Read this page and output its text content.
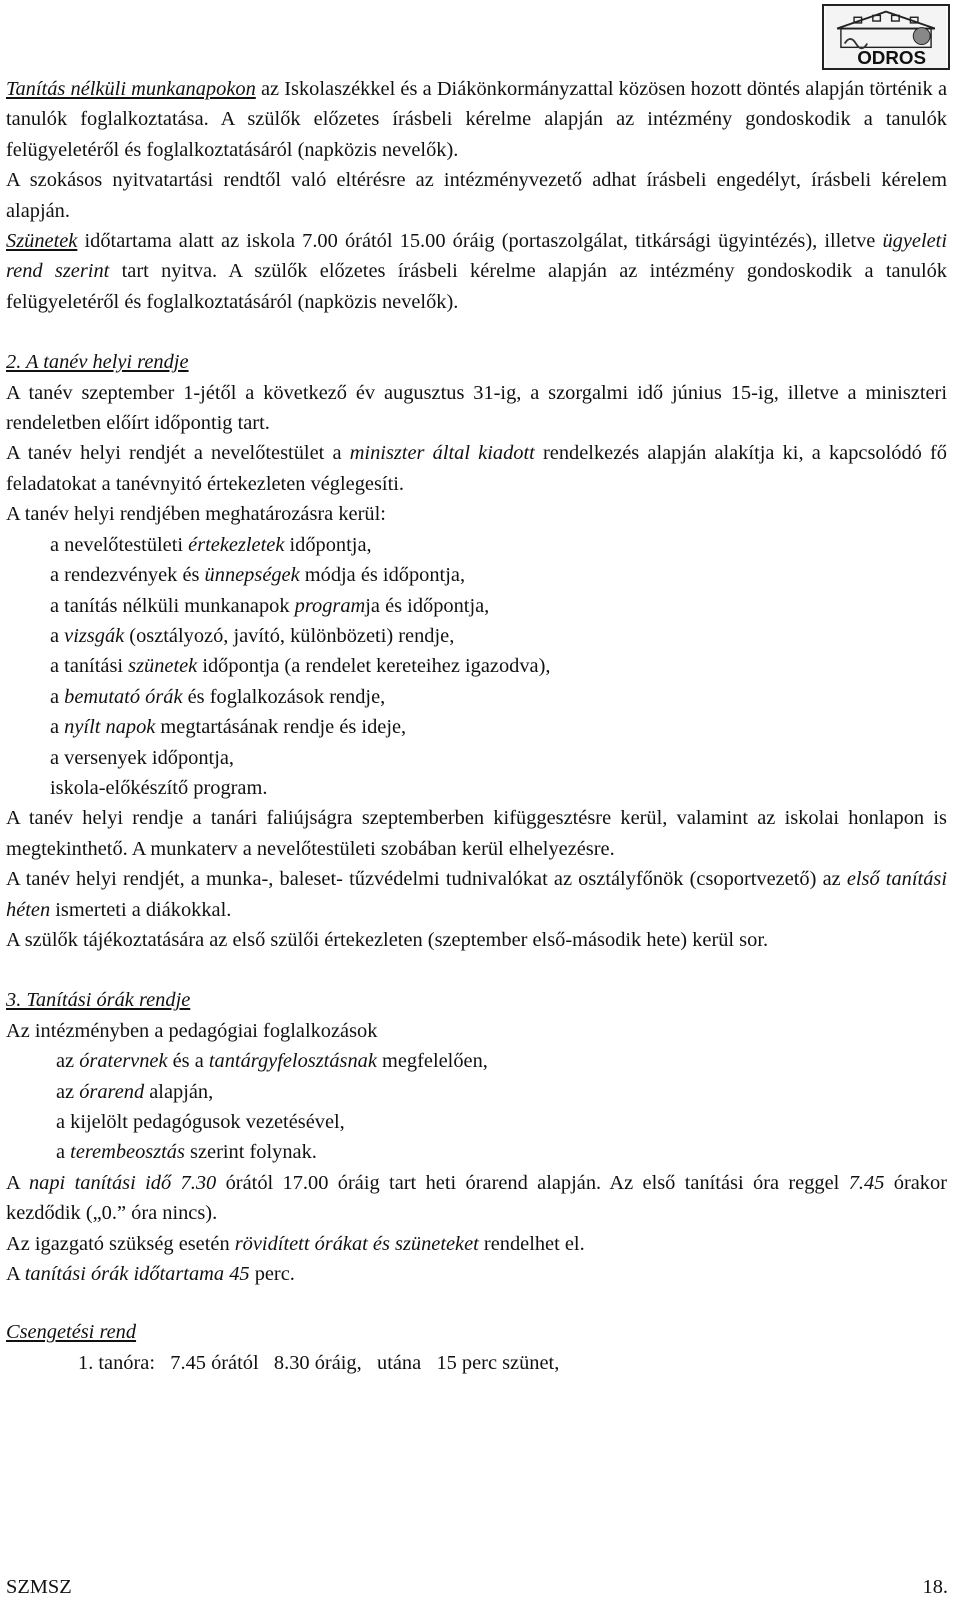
ODROS

Tanítás nélküli munkanapokon az Iskolaszékkel és a Diákönkormányzattal közösen hozott döntés alapján történik a tanulók foglalkoztatása. A szülők előzetes írásbeli kérelme alapján az intézmény gondoskodik a tanulók felügyeletéről és foglalkoztatásáról (napközis nevelők).

A szokásos nyitvatartási rendtől való eltérésre az intézményvezető adhat írásbeli engedélyt, írásbeli kérelem alapján.

Szünetek időtartama alatt az iskola 7.00 órától 15.00 óráig (portaszolgálat, titkársági ügyintézés), illetve ügyeleti rend szerint tart nyitva. A szülők előzetes írásbeli kérelme alapján az intézmény gondoskodik a tanulók felügyeletéről és foglalkoztatásáról (napközis nevelők).

2. A tanév helyi rendje

A tanév szeptember 1-jétől a következő év augusztus 31-ig, a szorgalmi idő június 15-ig, illetve a miniszteri rendeletben előírt időpontig tart.

A tanév helyi rendjét a nevelőtestület a miniszter által kiadott rendelkezés alapján alakítja ki, a kapcsolódó fő feladatokat a tanévnyitó értekezleten véglegesíti.

A tanév helyi rendjében meghatározásra kerül:

a nevelőtestületi értekezletek időpontja,

a rendezvények és ünnepségek módja és időpontja,

a tanítás nélküli munkanapok programja és időpontja,

a vizsgák (osztályozó, javító, különbözeti) rendje,

a tanítási szünetek időpontja (a rendelet kereteihez igazodva),

a bemutató órák és foglalkozások rendje,

a nyílt napok megtartásának rendje és ideje,

a versenyek időpontja,

iskola-előkészítő program.

A tanév helyi rendje a tanári faliújságra szeptemberben kifüggesztésre kerül, valamint az iskolai honlapon is megtekinthető. A munkaterv a nevelőtestületi szobában kerül elhelyezésre.

A tanév helyi rendjét, a munka-, baleset- tűzvédelmi tudnivalókat az osztályfőnök (csoportvezető) az első tanítási héten ismerteti a diákokkal.

A szülők tájékoztatására az első szülői értekezleten (szeptember első-második hete) kerül sor.

3. Tanítási órák rendje

Az intézményben a pedagógiai foglalkozások

az óratervnek és a tantárgyfelosztásnak megfelelően,

az órarend alapján,

a kijelölt pedagógusok vezetésével,

a terembeosztás szerint folynak.

A napi tanítási idő 7.30 órától 17.00 óráig tart heti órarend alapján. Az első tanítási óra reggel 7.45 órakor kezdődik („0.” óra nincs).

Az igazgató szükség esetén rövidített órákat és szüneteket rendelhet el.

A tanítási órák időtartama 45 perc.

Csengetési rend

1. tanóra:   7.45 órától   8.30 óráig,   utána   15 perc szünet,

SZMSZ	18.
